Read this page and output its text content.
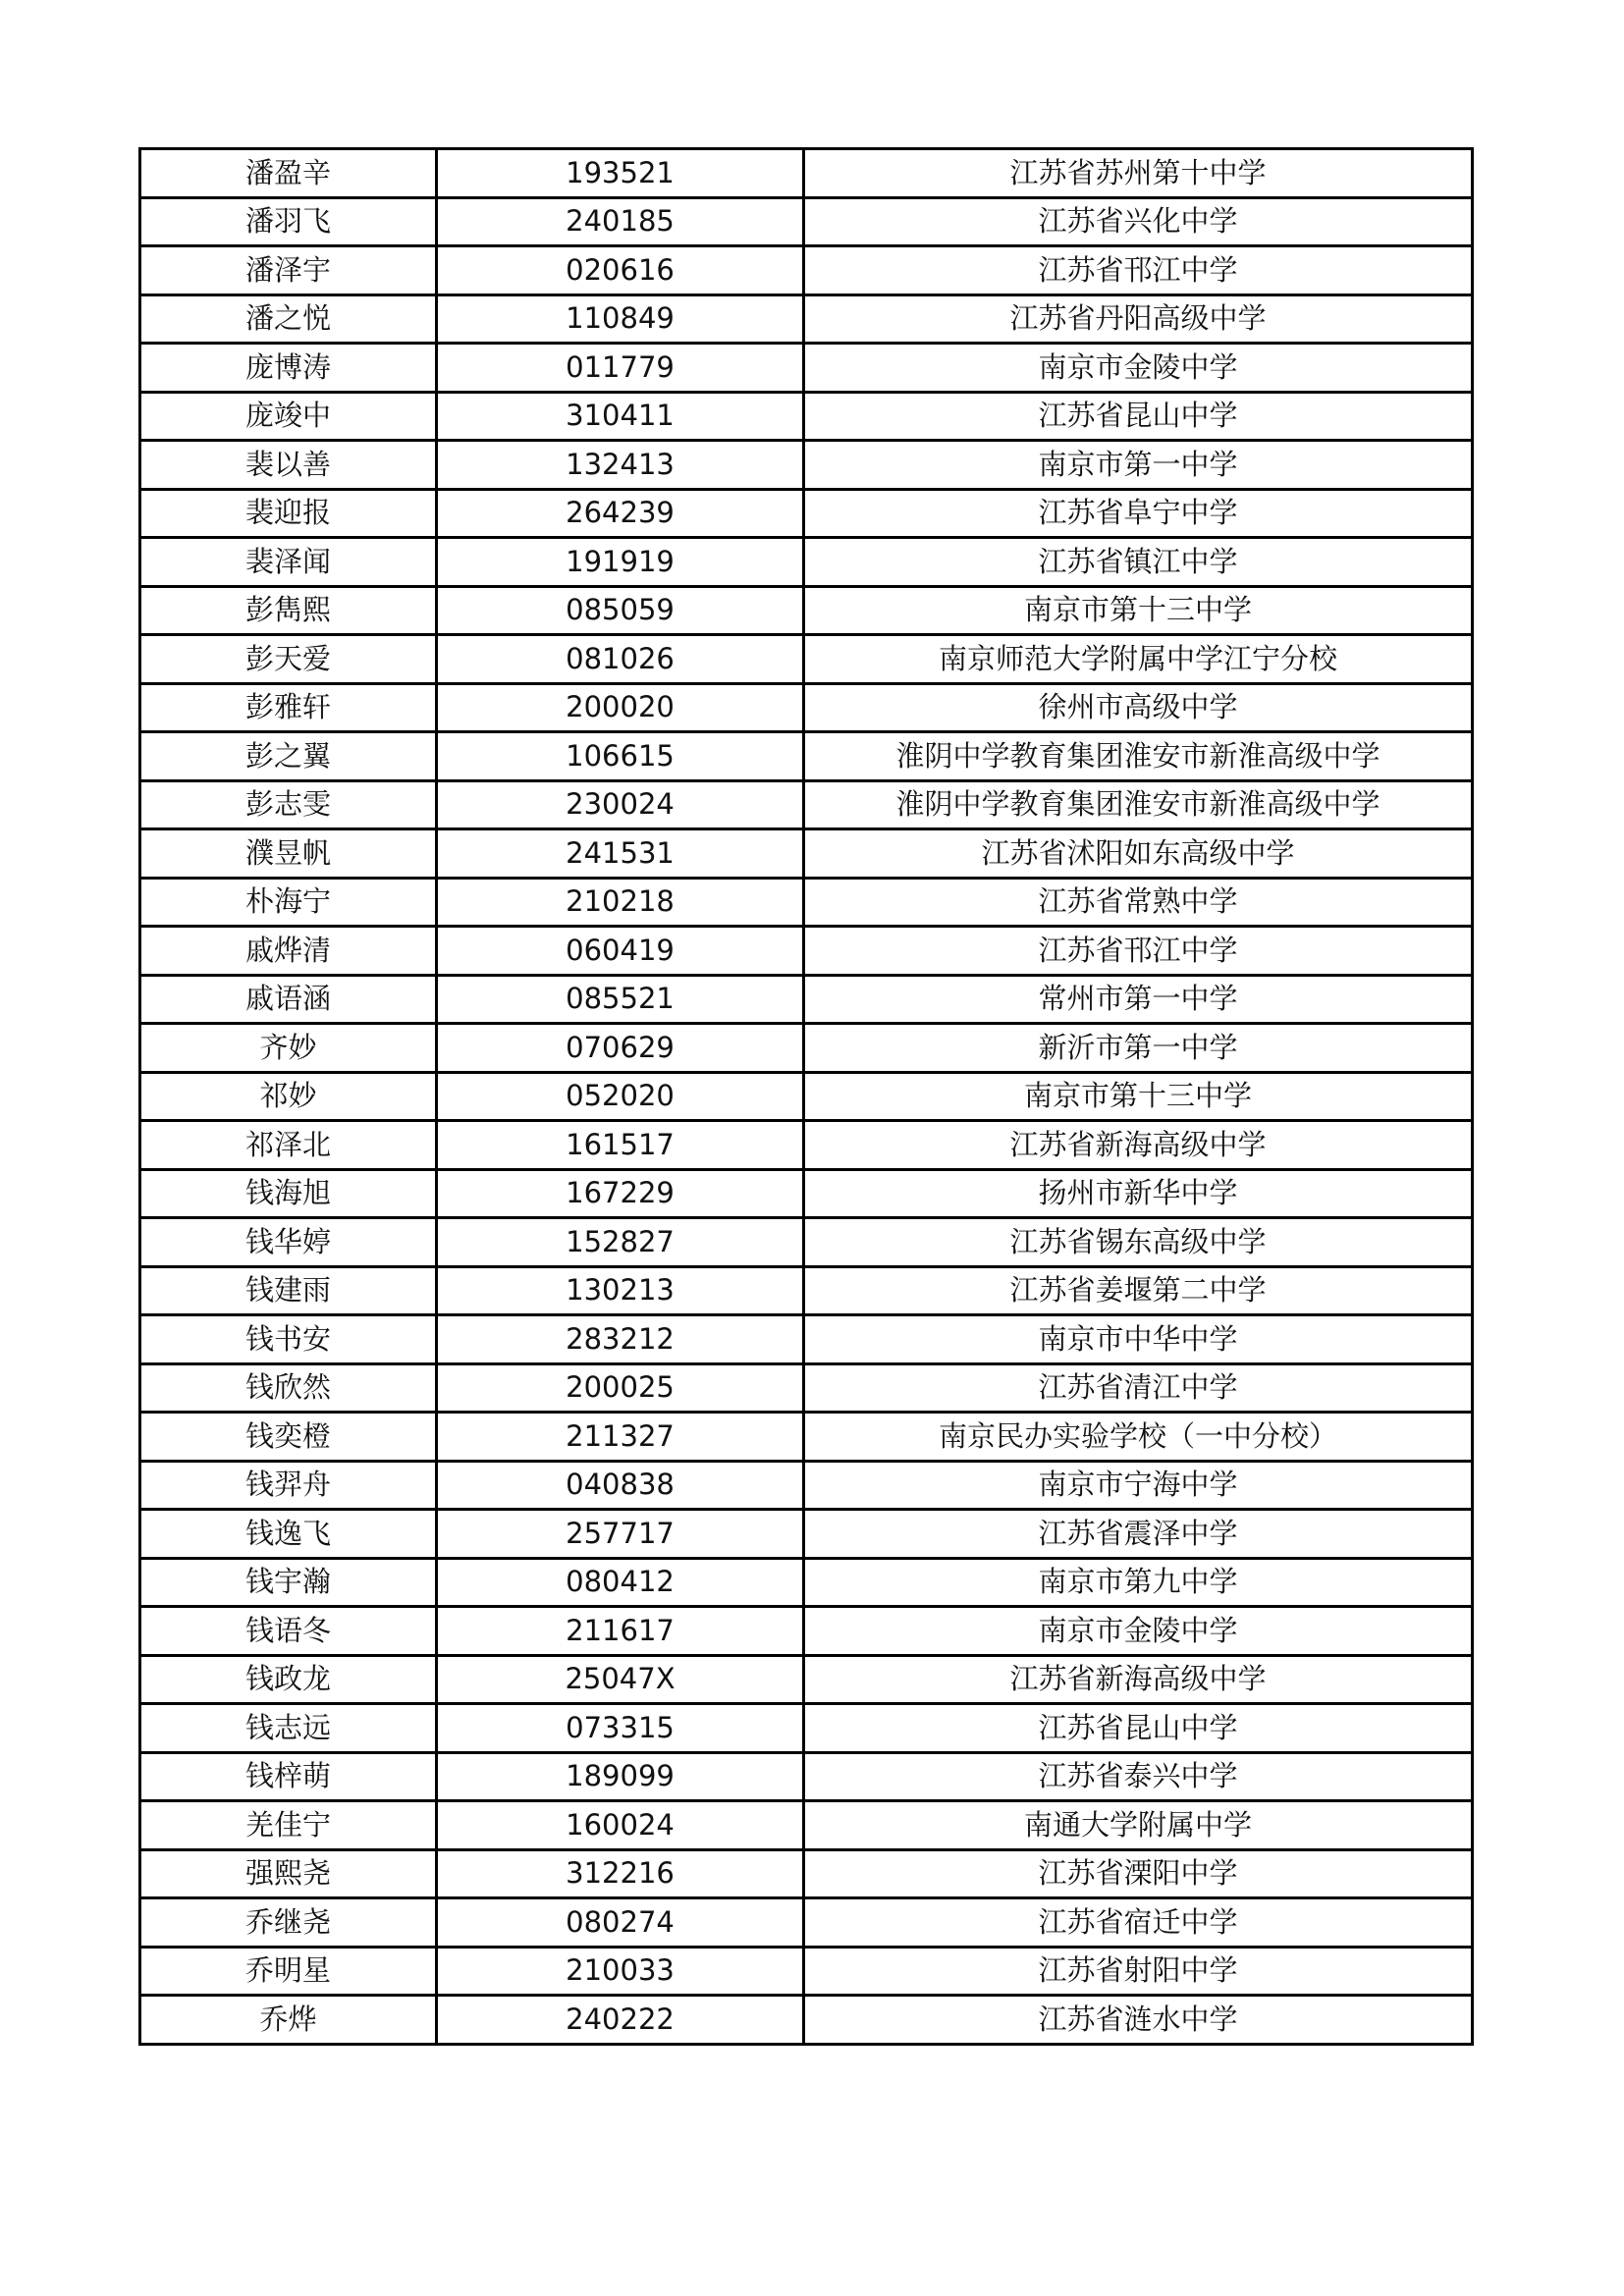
潘盈辛	193521	江苏省苏州第十中学
潘羽飞	240185	江苏省兴化中学
潘泽宇	020616	江苏省邗江中学
潘之悦	110849	江苏省丹阳高级中学
庞博涛	011779	南京市金陵中学
庞竣中	310411	江苏省昆山中学
裴以善	132413	南京市第一中学
裴迎报	264239	江苏省阜宁中学
裴泽闻	191919	江苏省镇江中学
彭雋熙	085059	南京市第十三中学
彭天爱	081026	南京师范大学附属中学江宁分校
彭雅轩	200020	徐州市高级中学
彭之翼	106615	淮阴中学教育集团淮安市新淮高级中学
彭志雯	230024	淮阴中学教育集团淮安市新淮高级中学
濮昱帆	241531	江苏省沭阳如东高级中学
朴海宁	210218	江苏省常熟中学
戚烨清	060419	江苏省邗江中学
戚语涵	085521	常州市第一中学
齐妙	070629	新沂市第一中学
祁妙	052020	南京市第十三中学
祁泽北	161517	江苏省新海高级中学
钱海旭	167229	扬州市新华中学
钱华婷	152827	江苏省锡东高级中学
钱建雨	130213	江苏省姜堰第二中学
钱书安	283212	南京市中华中学
钱欣然	200025	江苏省清江中学
钱奕橙	211327	南京民办实验学校（一中分校）
钱羿舟	040838	南京市宁海中学
钱逸飞	257717	江苏省震泽中学
钱宇瀚	080412	南京市第九中学
钱语冬	211617	南京市金陵中学
钱政龙	25047X	江苏省新海高级中学
钱志远	073315	江苏省昆山中学
钱梓萌	189099	江苏省泰兴中学
羌佳宁	160024	南通大学附属中学
强熙尧	312216	江苏省溧阳中学
乔继尧	080274	江苏省宿迁中学
乔明星	210033	江苏省射阳中学
乔烨	240222	江苏省涟水中学
